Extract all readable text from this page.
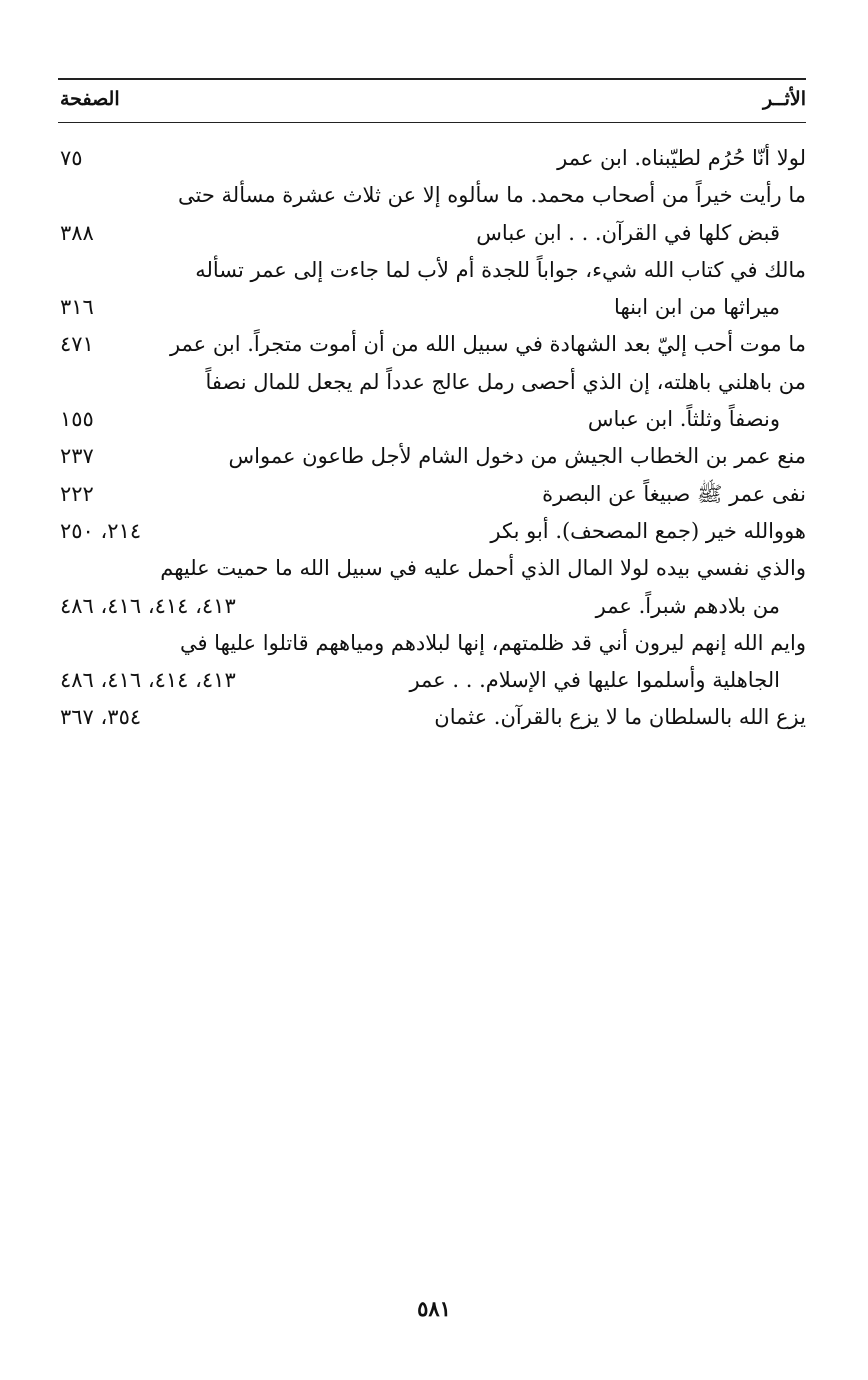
الأثــر
الصفحة
لولا أنّا حُرُم لطيّبناه. ابن عمر
٧٥
ما رأيت خيراً من أصحاب محمد. ما سألوه إلا عن ثلاث عشرة مسألة حتى
قبض كلها في القرآن. . . ابن عباس
٣٨٨
مالك في كتاب الله شيء، جواباً للجدة أم لأب لما جاءت إلى عمر تسأله
ميراثها من ابن ابنها
٣١٦
ما موت أحب إليّ بعد الشهادة في سبيل الله من أن أموت متجراً. ابن عمر
٤٧١
من باهلني باهلته، إن الذي أحصى رمل عالج عدداً لم يجعل للمال نصفاً
ونصفاً وثلثاً. ابن عباس
١٥٥
منع عمر بن الخطاب الجيش من دخول الشام لأجل طاعون عمواس
٢٣٧
نفى عمر ﷺ صبيغاً عن البصرة
٢٢٢
هووالله خير (جمع المصحف). أبو بكر
٢١٤، ٢٥٠
والذي نفسي بيده لولا المال الذي أحمل عليه في سبيل الله ما حميت عليهم
من بلادهم شبراً. عمر
٤١٣، ٤١٤، ٤١٦، ٤٨٦
وايم الله إنهم ليرون أني قد ظلمتهم، إنها لبلادهم ومياههم قاتلوا عليها في
الجاهلية وأسلموا عليها في الإسلام. . . عمر
٤١٣، ٤١٤، ٤١٦، ٤٨٦
يزع الله بالسلطان ما لا يزع بالقرآن. عثمان
٣٥٤، ٣٦٧
٥٨١
